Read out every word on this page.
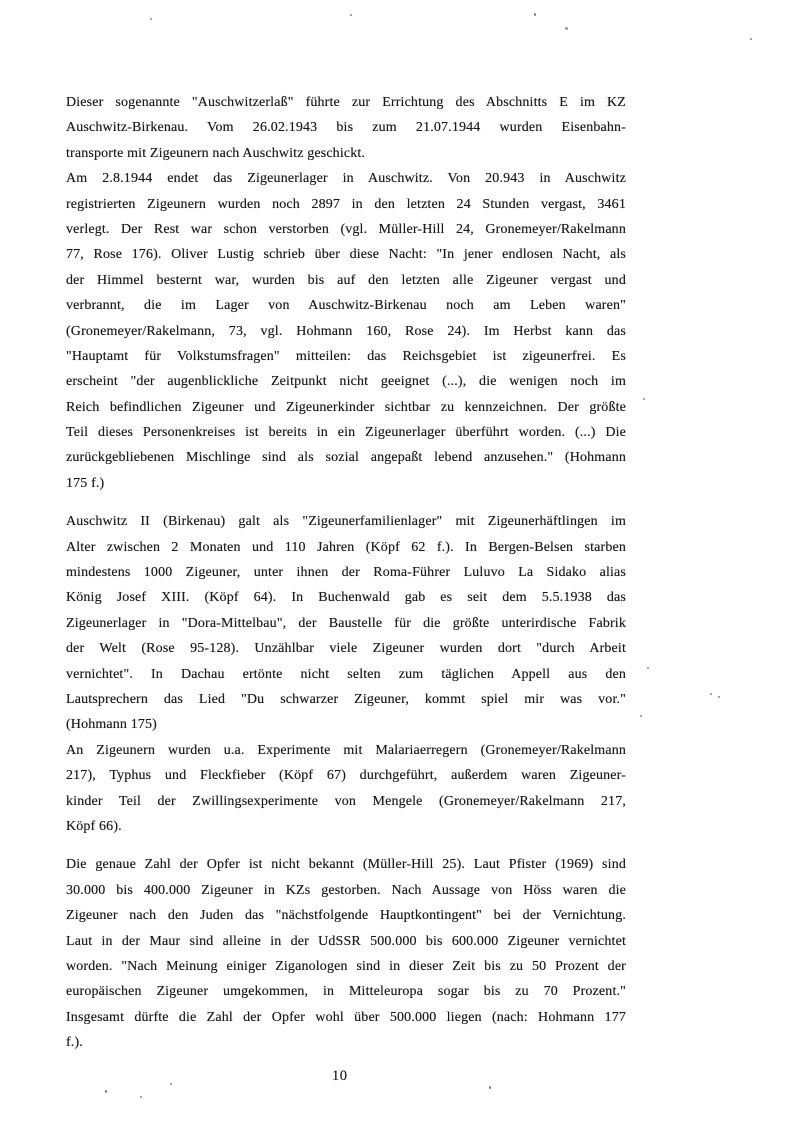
Dieser sogenannte "Auschwitzerlaß" führte zur Errichtung des Abschnitts E im KZ
Auschwitz-Birkenau. Vom 26.02.1943 bis zum 21.07.1944 wurden Eisenbahn-
transporte mit Zigeunern nach Auschwitz geschickt.
Am 2.8.1944 endet das Zigeunerlager in Auschwitz. Von 20.943 in Auschwitz
registrierten Zigeunern wurden noch 2897 in den letzten 24 Stunden vergast, 3461
verlegt. Der Rest war schon verstorben (vgl. Müller-Hill 24, Gronemeyer/Rakelmann
77, Rose 176). Oliver Lustig schrieb über diese Nacht: "In jener endlosen Nacht, als
der Himmel besternt war, wurden bis auf den letzten alle Zigeuner vergast und
verbrannt, die im Lager von Auschwitz-Birkenau noch am Leben waren"
(Gronemeyer/Rakelmann, 73, vgl. Hohmann 160, Rose 24). Im Herbst kann das
"Hauptamt für Volkstumsfragen" mitteilen: das Reichsgebiet ist zigeunerfrei. Es
erscheint "der augenblickliche Zeitpunkt nicht geeignet (...), die wenigen noch im
Reich befindlichen Zigeuner und Zigeunerkinder sichtbar zu kennzeichnen. Der größte
Teil dieses Personenkreises ist bereits in ein Zigeunerlager überführt worden. (...) Die
zurückgebliebenen Mischlinge sind als sozial angepaßt lebend anzusehen." (Hohmann
175 f.)
Auschwitz II (Birkenau) galt als "Zigeunerfamilienlager" mit Zigeunerhäftlingen im
Alter zwischen 2 Monaten und 110 Jahren (Köpf 62 f.). In Bergen-Belsen starben
mindestens 1000 Zigeuner, unter ihnen der Roma-Führer Luluvo La Sidako alias
König Josef XIII. (Köpf 64). In Buchenwald gab es seit dem 5.5.1938 das
Zigeunerlager in "Dora-Mittelbau", der Baustelle für die größte unterirdische Fabrik
der Welt (Rose 95-128). Unzählbar viele Zigeuner wurden dort "durch Arbeit
vernichtet". In Dachau ertönte nicht selten zum täglichen Appell aus den
Lautsprechern das Lied "Du schwarzer Zigeuner, kommt spiel mir was vor."
(Hohmann 175)
An Zigeunern wurden u.a. Experimente mit Malariaerregern (Gronemeyer/Rakelmann
217), Typhus und Fleckfieber (Köpf 67) durchgeführt, außerdem waren Zigeuner-
kinder Teil der Zwillingsexperimente von Mengele (Gronemeyer/Rakelmann 217,
Köpf 66).
Die genaue Zahl der Opfer ist nicht bekannt (Müller-Hill 25). Laut Pfister (1969) sind
30.000 bis 400.000 Zigeuner in KZs gestorben. Nach Aussage von Höss waren die
Zigeuner nach den Juden das "nächstfolgende Hauptkontingent" bei der Vernichtung.
Laut in der Maur sind alleine in der UdSSR 500.000 bis 600.000 Zigeuner vernichtet
worden. "Nach Meinung einiger Ziganologen sind in dieser Zeit bis zu 50 Prozent der
europäischen Zigeuner umgekommen, in Mitteleuropa sogar bis zu 70 Prozent."
Insgesamt dürfte die Zahl der Opfer wohl über 500.000 liegen (nach: Hohmann 177
f.).
10
